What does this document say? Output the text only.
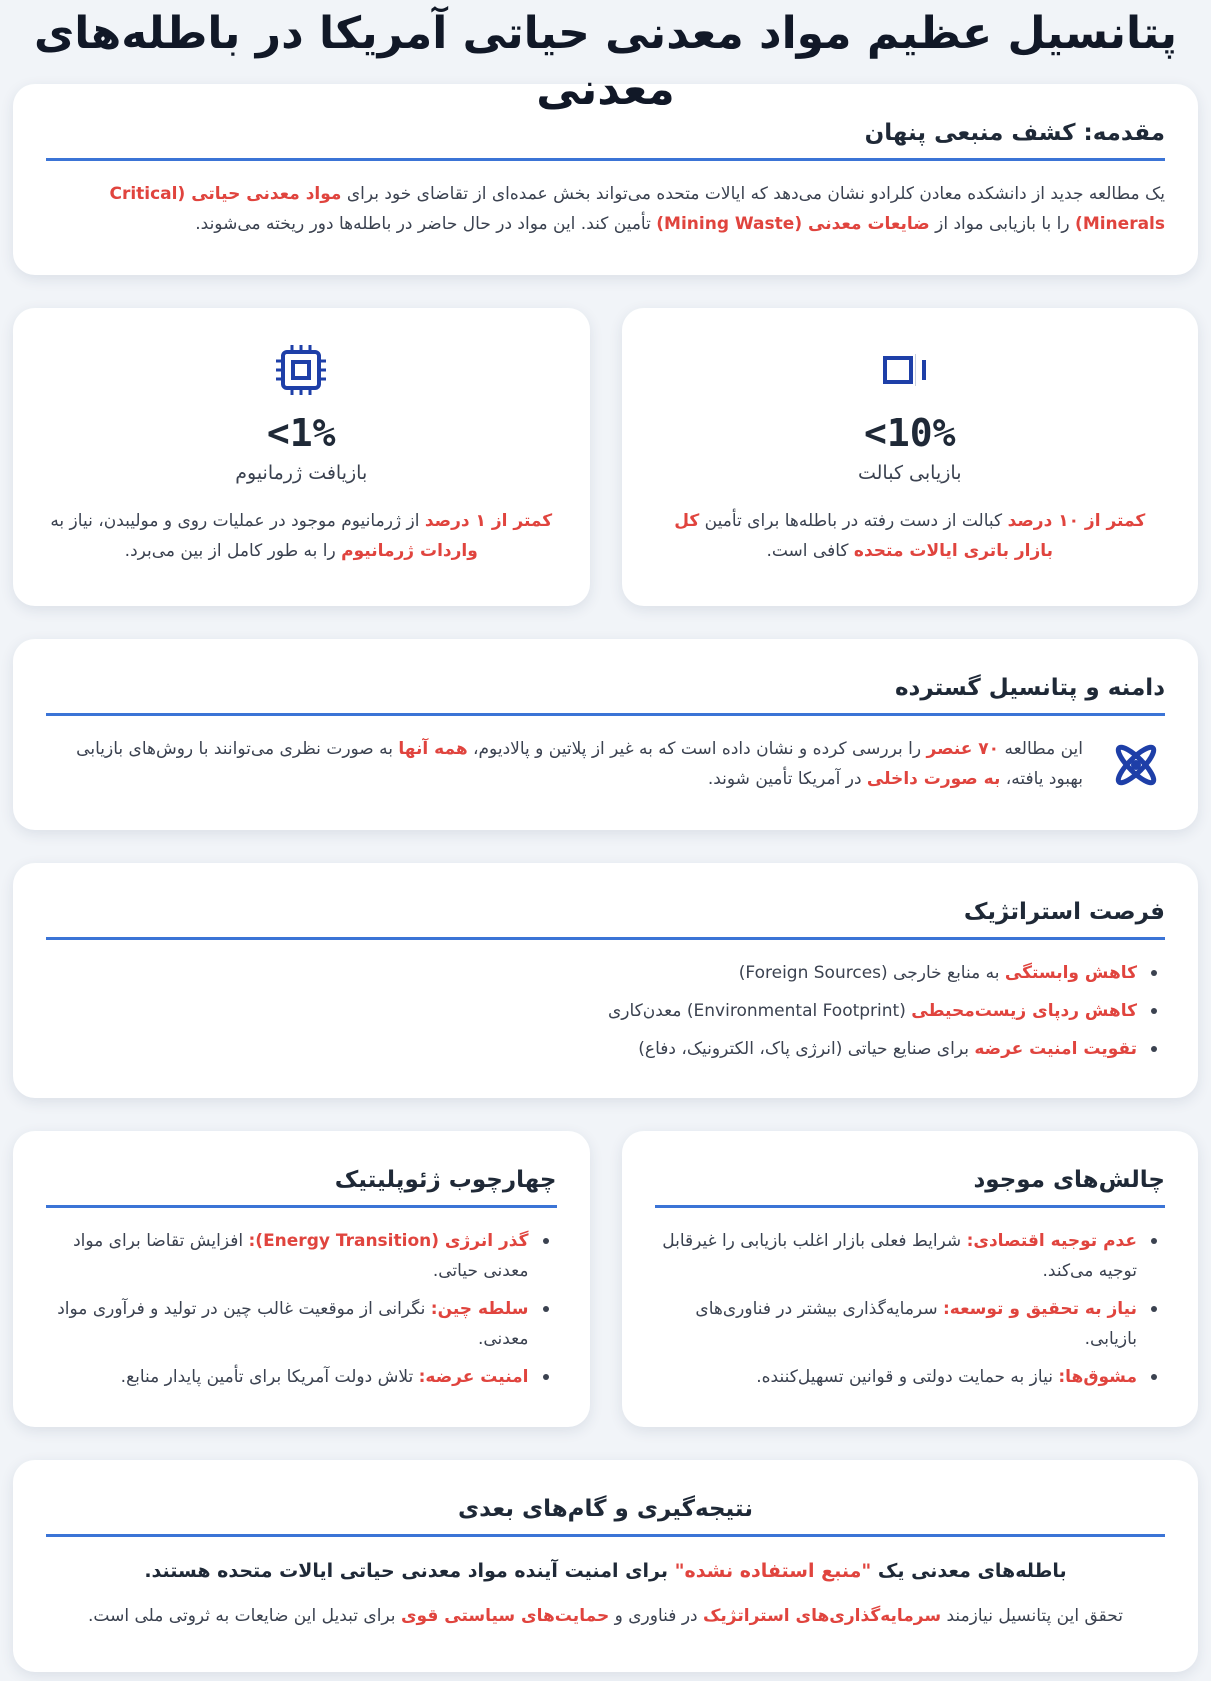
پتانسیل عظیم مواد معدنی حیاتی آمریکا در باطله‌های معدنی
مقدمه: کشف منبعی پنهان

یک مطالعه جدید از دانشکده معادن کلرادو نشان می‌دهد که ایالات متحده می‌تواند بخش عمده‌ای از تقاضای خود برای مواد معدنی حیاتی (Critical Minerals) را با بازیابی مواد از ضایعات معدنی (Mining Waste) تأمین کند. این مواد در حال حاضر در باطله‌ها دور ریخته می‌شوند.

<10%
بازیابی کبالت

کمتر از ۱۰ درصد کبالت از دست رفته در باطله‌ها برای تأمین کل بازار باتری ایالات متحده کافی است.

<1%
بازیافت ژرمانیوم

کمتر از ۱ درصد از ژرمانیوم موجود در عملیات روی و مولیبدن، نیاز به واردات ژرمانیوم را به طور کامل از بین می‌برد.

دامنه و پتانسیل گسترده

این مطالعه ۷۰ عنصر را بررسی کرده و نشان داده است که به غیر از پلاتین و پالادیوم، همه آنها به صورت نظری می‌توانند با روش‌های بازیابی بهبود یافته، به صورت داخلی در آمریکا تأمین شوند.

فرصت استراتژیک
کاهش وابستگی به منابع خارجی (Foreign Sources)
کاهش ردپای زیست‌محیطی (Environmental Footprint) معدن‌کاری
تقویت امنیت عرضه برای صنایع حیاتی (انرژی پاک، الکترونیک، دفاع)
چالش‌های موجود
عدم توجیه اقتصادی: شرایط فعلی بازار اغلب بازیابی را غیرقابل توجیه می‌کند.
نیاز به تحقیق و توسعه: سرمایه‌گذاری بیشتر در فناوری‌های بازیابی.
مشوق‌ها: نیاز به حمایت دولتی و قوانین تسهیل‌کننده.
چهارچوب ژئوپلیتیک
گذر انرژی (Energy Transition): افزایش تقاضا برای مواد معدنی حیاتی.
سلطه چین: نگرانی از موقعیت غالب چین در تولید و فرآوری مواد معدنی.
امنیت عرضه: تلاش دولت آمریکا برای تأمین پایدار منابع.
نتیجه‌گیری و گام‌های بعدی

باطله‌های معدنی یک "منبع استفاده نشده" برای امنیت آینده مواد معدنی حیاتی ایالات متحده هستند.

تحقق این پتانسیل نیازمند سرمایه‌گذاری‌های استراتژیک در فناوری و حمایت‌های سیاستی قوی برای تبدیل این ضایعات به ثروتی ملی است.
